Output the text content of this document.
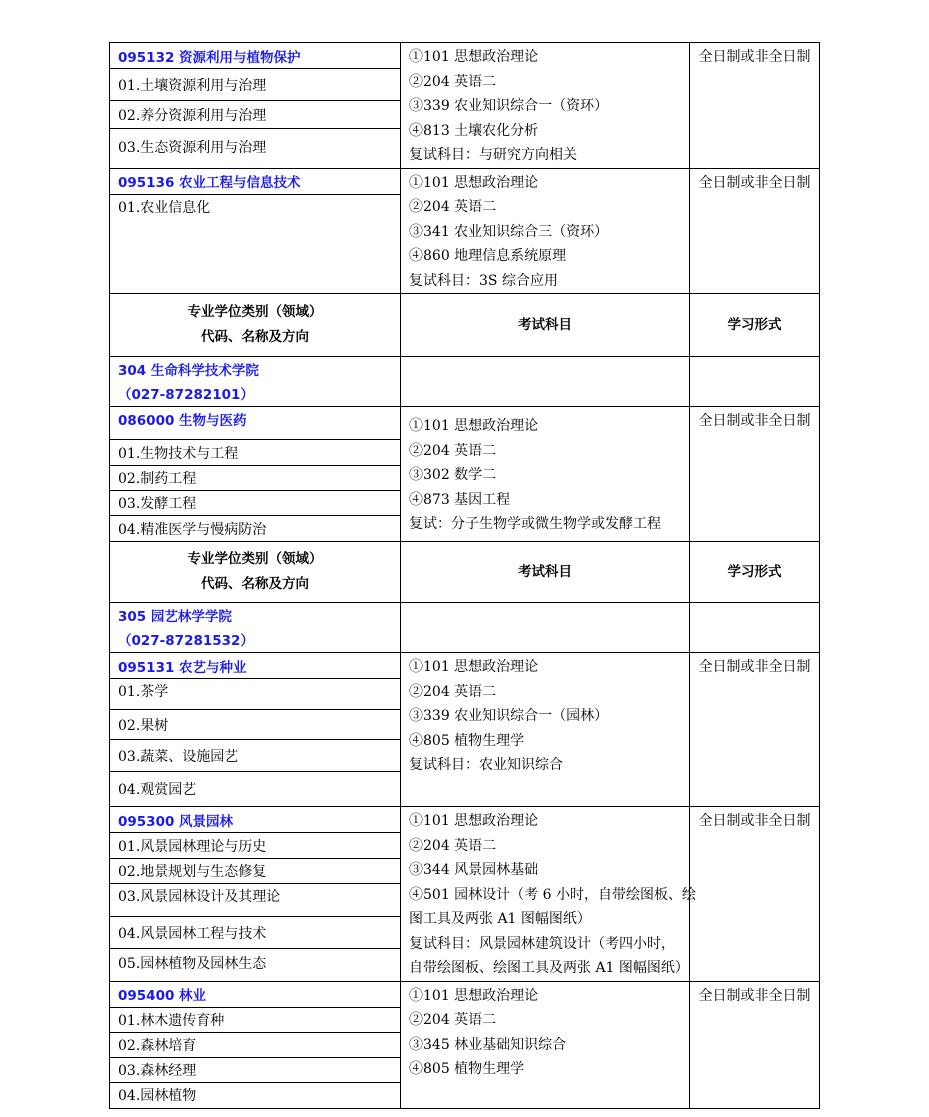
095132 资源利用与植物保护
01.土壤资源利用与治理
02.养分资源利用与治理
03.生态资源利用与治理
①101 思想政治理论
②204 英语二
③339 农业知识综合一（资环）
④813 土壤农化分析
复试科目：与研究方向相关
全日制或非全日制
095136 农业工程与信息技术
01.农业信息化
①101 思想政治理论
②204 英语二
③341 农业知识综合三（资环）
④860 地理信息系统原理
复试科目：3S 综合应用
全日制或非全日制
专业学位类别（领域）
代码、名称及方向
考试科目	学习形式
304 生命科学技术学院
（027-87282101）
086000 生物与医药
01.生物技术与工程
02.制药工程
03.发酵工程
04.精准医学与慢病防治
①101 思想政治理论
②204 英语二
③302 数学二
④873 基因工程
复试：分子生物学或微生物学或发酵工程
全日制或非全日制
专业学位类别（领域）
代码、名称及方向
考试科目	学习形式
305 园艺林学学院
（027-87281532）
095131 农艺与种业
01.茶学
02.果树
03.蔬菜、设施园艺
04.观赏园艺
①101 思想政治理论
②204 英语二
③339 农业知识综合一（园林）
④805 植物生理学
复试科目：农业知识综合
全日制或非全日制
095300 风景园林
01.风景园林理论与历史
02.地景规划与生态修复
03.风景园林设计及其理论
04.风景园林工程与技术
05.园林植物及园林生态
①101 思想政治理论
②204 英语二
③344 风景园林基础
④501 园林设计（考 6 小时，自带绘图板、绘
图工具及两张 A1 图幅图纸）
复试科目：风景园林建筑设计（考四小时，
自带绘图板、绘图工具及两张 A1 图幅图纸）
全日制或非全日制
095400 林业
01.林木遗传育种
02.森林培育
03.森林经理
04.园林植物
①101 思想政治理论
②204 英语二
③345 林业基础知识综合
④805 植物生理学
全日制或非全日制
